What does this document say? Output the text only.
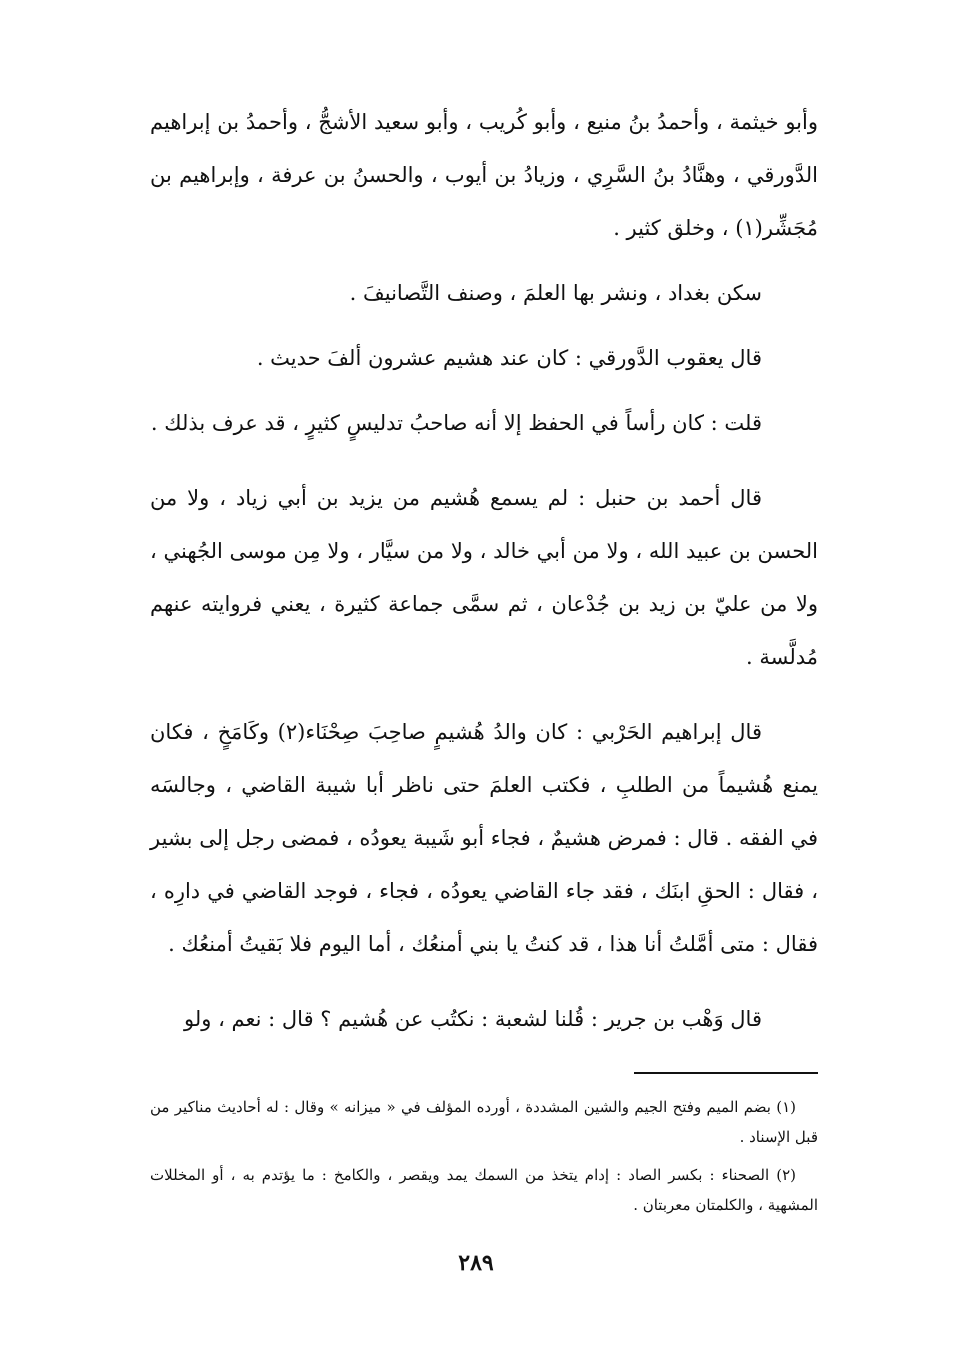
وأبو خيثمة ، وأحمدُ بنُ منيع ، وأبو كُريب ، وأبو سعيد الأشجُّ ، وأحمدُ بن إبراهيم الدَّورقي ، وهنَّادُ بنُ السَّرِي ، وزيادُ بن أيوب ، والحسنُ بن عرفة ، وإبراهيم بن مُجَشِّر(١) ، وخلق كثير .

سكن بغداد ، ونشر بها العلمَ ، وصنف التَّصانيفَ .

قال يعقوب الدَّورقي : كان عند هشيم عشرون ألفَ حديث .

قلت : كان رأساً في الحفظ إلا أنه صاحبُ تدليسٍ كثيرٍ ، قد عرف بذلك .

قال أحمد بن حنبل : لم يسمع هُشيم من يزيد بن أبي زياد ، ولا من الحسن بن عبيد الله ، ولا من أبي خالد ، ولا من سيَّار ، ولا مِن موسى الجُهني ، ولا من عليّ بن زيد بن جُدْعان ، ثم سمَّى جماعة كثيرة ، يعني فروايته عنهم مُدلَّسة .

قال إبراهيم الحَرْبي : كان والدُ هُشيمٍ صاحِبَ صِحْنَاء(٢) وكَامَخٍ ، فكان يمنع هُشيماً من الطلبِ ، فكتب العلمَ حتى ناظر أبا شيبة القاضي ، وجالسَه في الفقه . قال : فمرض هشيمٌ ، فجاء أبو شَيبة يعودُه ، فمضى رجل إلى بشير ، فقال : الحقِ ابنَك ، فقد جاء القاضي يعودُه ، فجاء ، فوجد القاضي في دارِه ، فقال : متى أمَّلتُ أنا هذا ، قد كنتُ يا بني أمنعُك ، أما اليوم فلا بَقيتُ أمنعُك .

قال وَهْب بن جرير : قُلنا لشعبة : نكتُب عن هُشيم ؟ قال : نعم ، ولو

(١) بضم الميم وفتح الجيم والشين المشددة ، أورده المؤلف في « ميزانه » وقال : له أحاديث مناكير من قبل الإسناد .

(٢) الصحناء : بكسر الصاد : إدام يتخذ من السمك يمد ويقصر ، والكامخ : ما يؤتدم به ، أو المخللات المشهية ، والكلمتان معربتان .

٢٨٩
